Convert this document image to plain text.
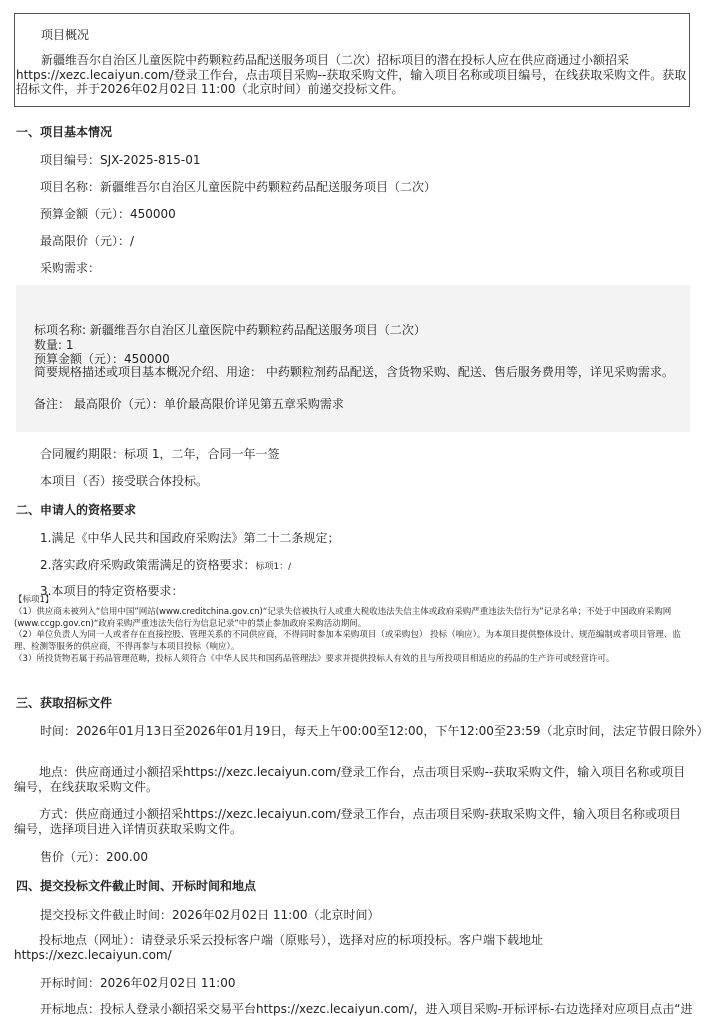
项目概况

新疆维吾尔自治区儿童医院中药颗粒药品配送服务项目（二次）招标项目的潜在投标人应在供应商通过小额招采https://xezc.lecaiyun.com/登录工作台，点击项目采购--获取采购文件，输入项目名称或项目编号，在线获取采购文件。获取招标文件，并于2026年02月02日 11:00（北京时间）前递交投标文件。

一、项目基本情况
项目编号：SJX-2025-815-01
项目名称：新疆维吾尔自治区儿童医院中药颗粒药品配送服务项目（二次）
预算金额（元）：450000
最高限价（元）：/
采购需求：
标项名称: 新疆维吾尔自治区儿童医院中药颗粒药品配送服务项目（二次）
数量: 1
预算金额（元）：450000
简要规格描述或项目基本概况介绍、用途： 中药颗粒剂药品配送，含货物采购、配送、售后服务费用等，详见采购需求。
备注： 最高限价（元）：单价最高限价详见第五章采购需求
合同履约期限：标项 1，二年，合同一年一签
本项目（否）接受联合体投标。
二、申请人的资格要求
1.满足《中华人民共和国政府采购法》第二十二条规定；
2.落实政府采购政策需满足的资格要求：标项1：/
3.本项目的特定资格要求：
【标项1】
（1）供应商未被列入“信用中国”网站(www.creditchina.gov.cn)“记录失信被执行人或重大税收违法失信主体或政府采购严重违法失信行为”记录名单；不处于中国政府采购网(www.ccgp.gov.cn)“政府采购严重违法失信行为信息记录”中的禁止参加政府采购活动期间。
（2）单位负责人为同一人或者存在直接控股、管理关系的不同供应商，不得同时参加本采购项目（或采购包） 投标（响应）。为本项目提供整体设计、规范编制或者项目管理、监理、检测等服务的供应商，不得再参与本项目投标（响应）。
（3）所投货物若属于药品管理范畴，投标人须符合《中华人民共和国药品管理法》要求并提供投标人有效的且与所投项目相适应的药品的生产许可或经营许可。
三、获取招标文件
时间：2026年01月13日至2026年01月19日，每天上午00:00至12:00，下午12:00至23:59（北京时间，法定节假日除外）
地点：供应商通过小额招采https://xezc.lecaiyun.com/登录工作台，点击项目采购--获取采购文件，输入项目名称或项目编号，在线获取采购文件。
方式：供应商通过小额招采https://xezc.lecaiyun.com/登录工作台，点击项目采购-获取采购文件，输入项目名称或项目编号，选择项目进入详情页获取采购文件。
售价（元）：200.00
四、提交投标文件截止时间、开标时间和地点
提交投标文件截止时间：2026年02月02日 11:00（北京时间）
投标地点（网址）：请登录乐采云投标客户端（原账号），选择对应的标项投标。客户端下载地址https://xezc.lecaiyun.com/
开标时间：2026年02月02日 11:00
开标地点：投标人登录小额招采交易平台https://xezc.lecaiyun.com/，进入项目采购-开标评标-右边选择对应项目点击“进
